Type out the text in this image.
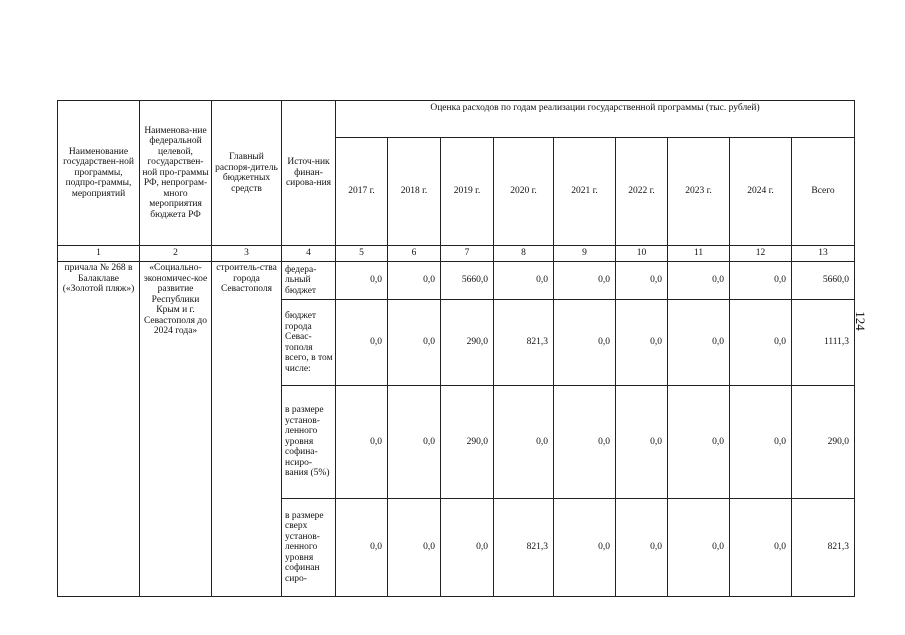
Наименование государствен-ной программы, подпро-граммы, мероприятий	Наименова-ние федеральной целевой, государствен-ной про-граммы РФ, непрограм-много мероприятия бюджета РФ	Главный распоря-дитель бюджетных средств	Источ-ник финан-сирова-ния	Оценка расходов по годам реализации государственной программы (тыс. рублей)								
				2017 г.	2018 г.	2019 г.	2020 г.	2021 г.	2022 г.	2023 г.	2024 г.	Всего
1	2	3	4	5	6	7	8	9	10	11	12	13
причала № 268 в Балаклаве («Золотой пляж»)	«Социально-экономичес-кое развитие Республики Крым и г. Севастополя до 2024 года»	строитель-ства города Севастополя	федера-льный бюджет	0,0	0,0	5660,0	0,0	0,0	0,0	0,0	0,0	5660,0
			бюджет города Севас-тополя всего, в том числе:	0,0	0,0	290,0	821,3	0,0	0,0	0,0	0,0	1111,3
			в размере установ-ленного уровня софина-нсиро-вания (5%)	0,0	0,0	290,0	0,0	0,0	0,0	0,0	0,0	290,0
			в размере сверх установ-ленного уровня софинан сиро-	0,0	0,0	0,0	821,3	0,0	0,0	0,0	0,0	821,3
124
